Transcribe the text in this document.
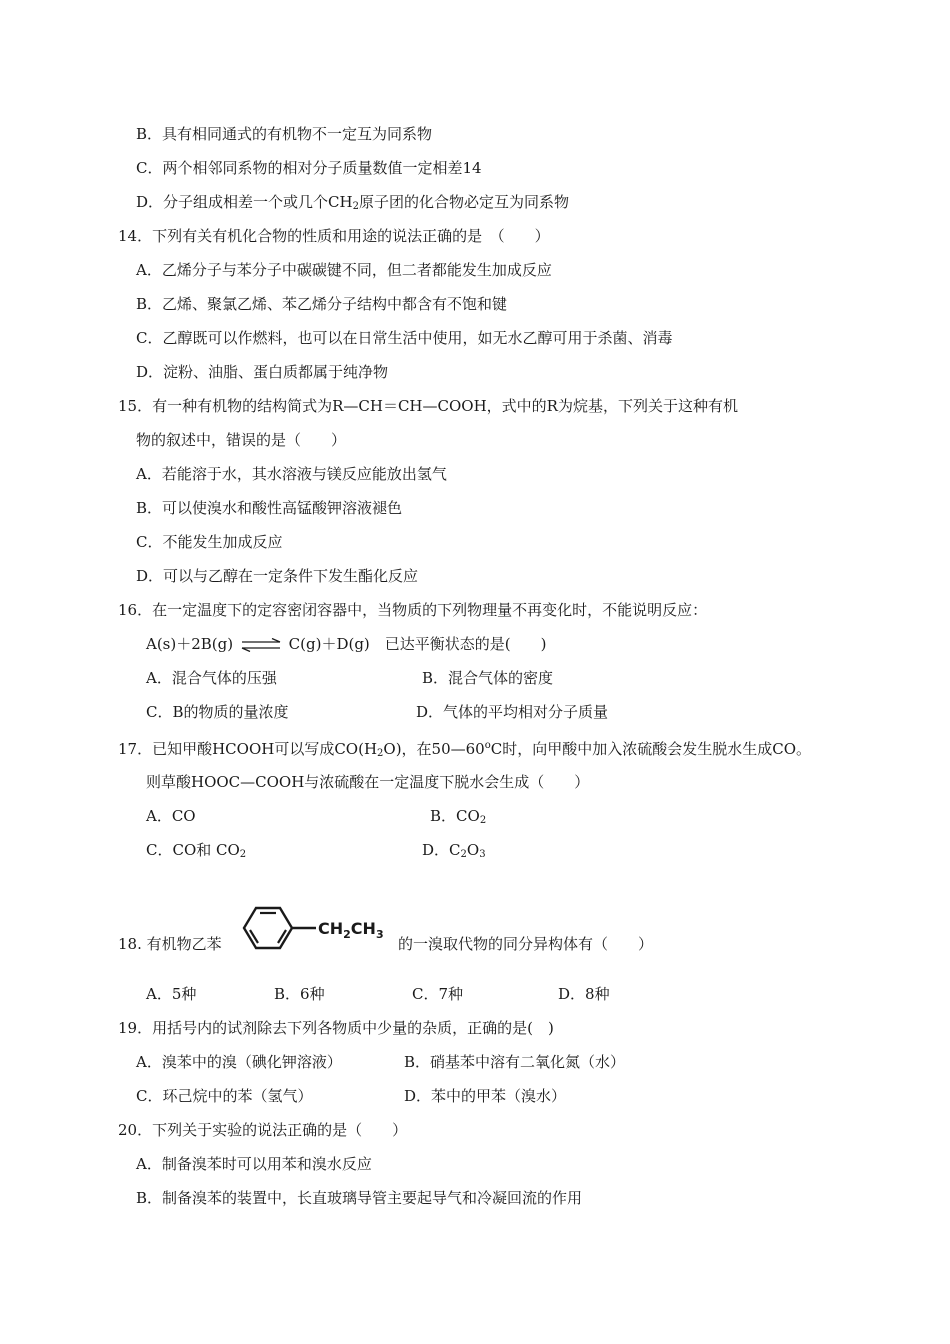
B．具有相同通式的有机物不一定互为同系物
C．两个相邻同系物的相对分子质量数值一定相差14
D．分子组成相差一个或几个$CH_2$原子团的化合物必定互为同系物
14．下列有关有机化合物的性质和用途的说法正确的是　（　　）
A．乙烯分子与苯分子中碳碳键不同，但二者都能发生加成反应
B．乙烯、聚氯乙烯、苯乙烯分子结构中都含有不饱和键
C．乙醇既可以作燃料，也可以在日常生活中使用，如无水乙醇可用于杀菌、消毒
D．淀粉、油脂、蛋白质都属于纯净物
15．有一种有机物的结构简式为R—CH＝CH—COOH，式中的R为烷基，下列关于这种有机
物的叙述中，错误的是（　　）
A．若能溶于水，其水溶液与镁反应能放出氢气
B．可以使溴水和酸性高锰酸钾溶液褪色
C．不能发生加成反应
D．可以与乙醇在一定条件下发生酯化反应
16．在一定温度下的定容密闭容器中，当物质的下列物理量不再变化时，不能说明反应：
A(s)＋2B(g) ⇌ C(g)＋D(g)　已达平衡状态的是(　　)
A．混合气体的压强	B．混合气体的密度
C．B的物质的量浓度	D．气体的平均相对分子质量
17．已知甲酸HCOOH可以写成$CO(H_2O)$，在50—60$^o$C时，向甲酸中加入浓硫酸会发生脱水生成CO。
则草酸HOOC—COOH与浓硫酸在一定温度下脱水会生成（　　）
A．CO	B．$CO_2$
C．CO和 $CO_2$	D．$C_2O_3$
18. 有机物乙苯
$CH_2CH_3$
的一溴取代物的同分异构体有（　　）
A．5种	B．6种	C．7种	D．8种
19．用括号内的试剂除去下列各物质中少量的杂质，正确的是(　)
A．溴苯中的溴（碘化钾溶液）	B．硝基苯中溶有二氧化氮（水）
C．环己烷中的苯（氢气）	D．苯中的甲苯（溴水）
20．下列关于实验的说法正确的是（　　）
A．制备溴苯时可以用苯和溴水反应
B．制备溴苯的装置中，长直玻璃导管主要起导气和冷凝回流的作用
